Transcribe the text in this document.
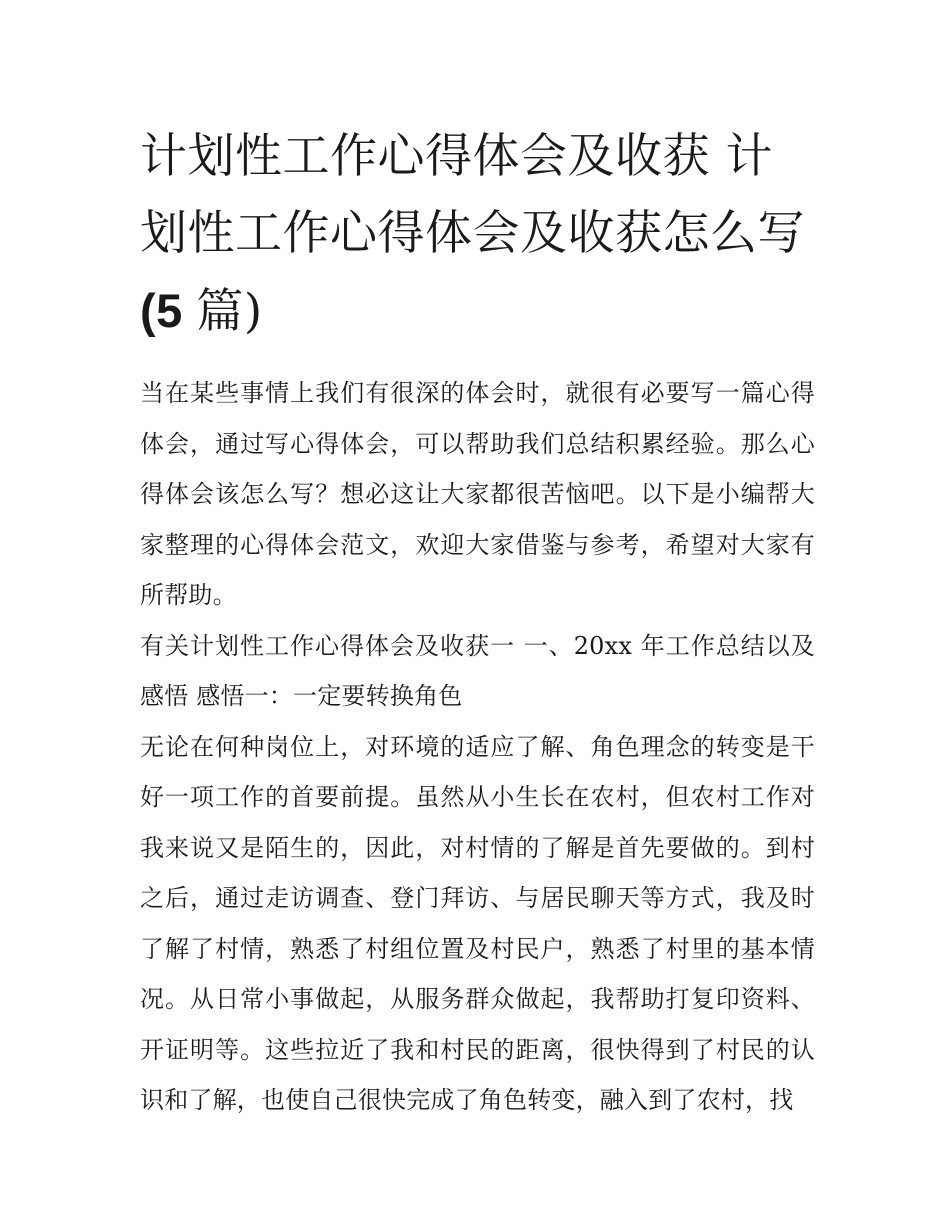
计划性工作心得体会及收获 计划性工作心得体会及收获怎么写(5 篇)

当在某些事情上我们有很深的体会时，就很有必要写一篇心得体会，通过写心得体会，可以帮助我们总结积累经验。那么心得体会该怎么写？想必这让大家都很苦恼吧。以下是小编帮大家整理的心得体会范文，欢迎大家借鉴与参考，希望对大家有所帮助。

有关计划性工作心得体会及收获一 一、20xx 年工作总结以及感悟 感悟一：一定要转换角色

无论在何种岗位上，对环境的适应了解、角色理念的转变是干好一项工作的首要前提。虽然从小生长在农村，但农村工作对我来说又是陌生的，因此，对村情的了解是首先要做的。到村之后，通过走访调查、登门拜访、与居民聊天等方式，我及时了解了村情，熟悉了村组位置及村民户，熟悉了村里的基本情况。从日常小事做起，从服务群众做起，我帮助打复印资料、开证明等。这些拉近了我和村民的距离，很快得到了村民的认识和了解，也使自己很快完成了角色转变，融入到了农村，找
